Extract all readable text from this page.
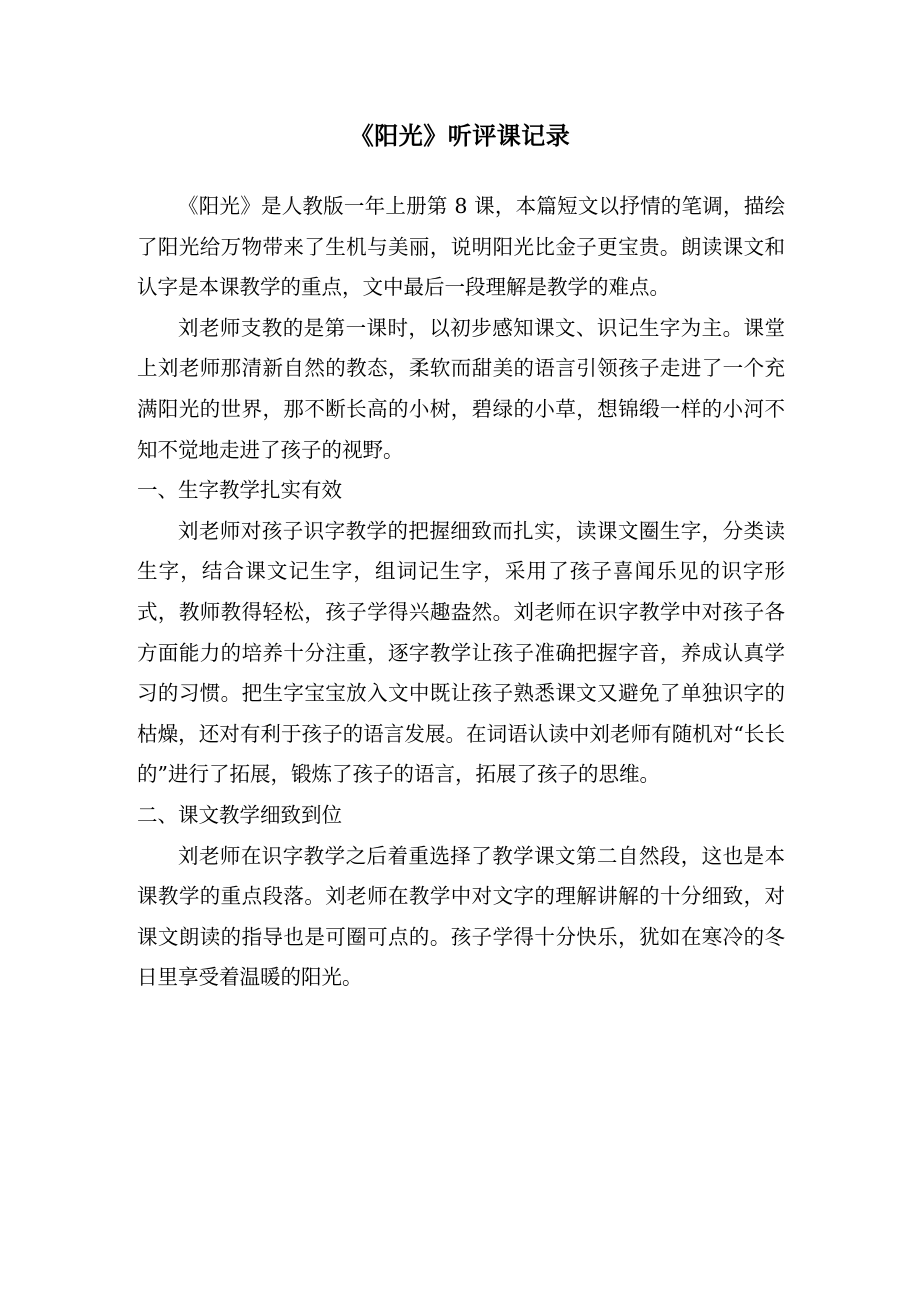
《阳光》听评课记录

《阳光》是人教版一年上册第 8 课，本篇短文以抒情的笔调，描绘了阳光给万物带来了生机与美丽，说明阳光比金子更宝贵。朗读课文和认字是本课教学的重点，文中最后一段理解是教学的难点。

刘老师支教的是第一课时，以初步感知课文、识记生字为主。课堂上刘老师那清新自然的教态，柔软而甜美的语言引领孩子走进了一个充满阳光的世界，那不断长高的小树，碧绿的小草，想锦缎一样的小河不知不觉地走进了孩子的视野。

一、生字教学扎实有效

刘老师对孩子识字教学的把握细致而扎实，读课文圈生字，分类读生字，结合课文记生字，组词记生字，采用了孩子喜闻乐见的识字形式，教师教得轻松，孩子学得兴趣盎然。刘老师在识字教学中对孩子各方面能力的培养十分注重，逐字教学让孩子准确把握字音，养成认真学习的习惯。把生字宝宝放入文中既让孩子熟悉课文又避免了单独识字的枯燥，还对有利于孩子的语言发展。在词语认读中刘老师有随机对“长长的”进行了拓展，锻炼了孩子的语言，拓展了孩子的思维。

二、课文教学细致到位

刘老师在识字教学之后着重选择了教学课文第二自然段，这也是本课教学的重点段落。刘老师在教学中对文字的理解讲解的十分细致，对课文朗读的指导也是可圈可点的。孩子学得十分快乐，犹如在寒冷的冬日里享受着温暖的阳光。
